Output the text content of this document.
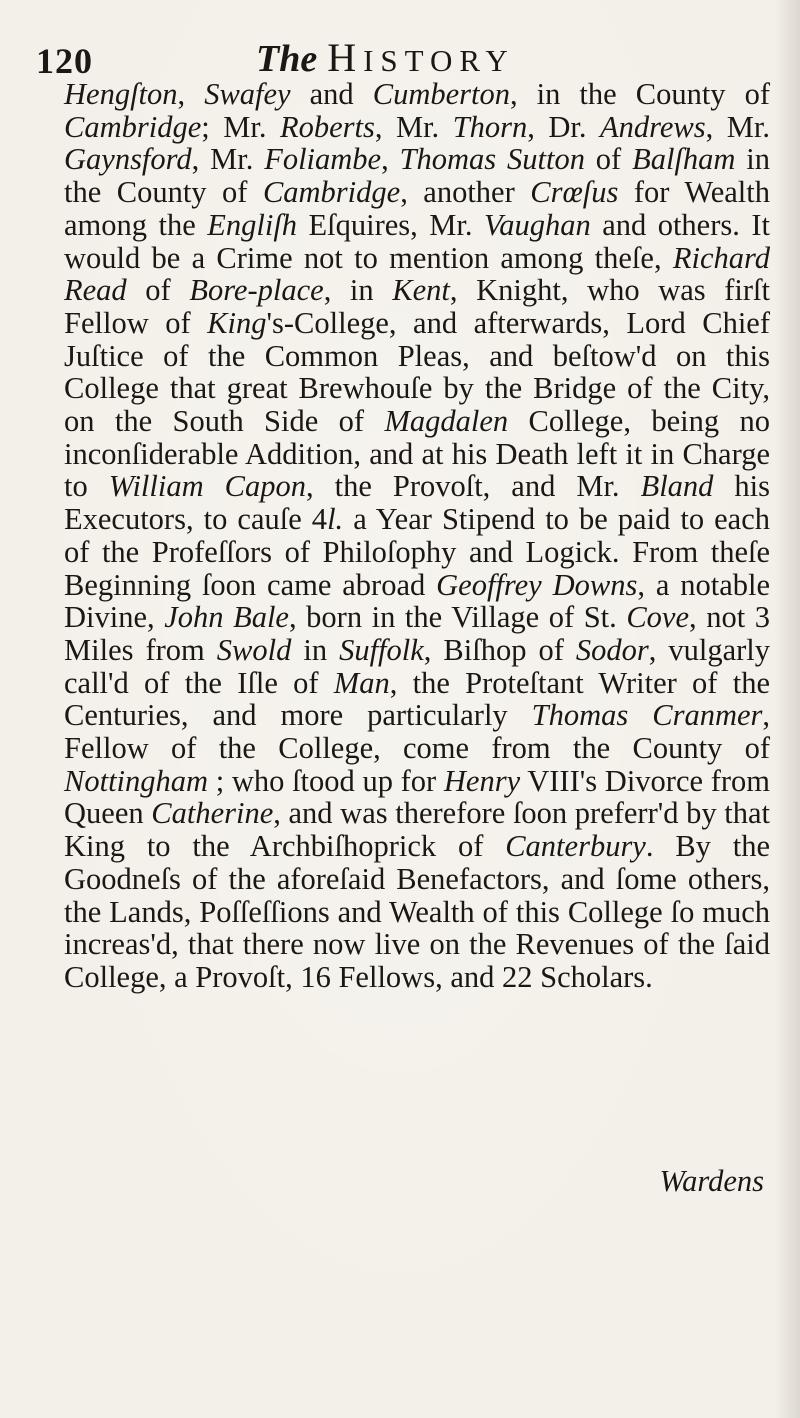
120	The HISTORY

Hengſton, Swafey and Cumberton, in the County of Cambridge; Mr. Roberts, Mr. Thorn, Dr. Andrews, Mr. Gaynsford, Mr. Foliambe, Thomas Sutton of Balſham in the County of Cambridge, another Crœſus for Wealth among the Engliſh Eſquires, Mr. Vaughan and others. It would be a Crime not to mention among theſe, Richard Read of Bore-place, in Kent, Knight, who was firſt Fellow of King's-College, and afterwards, Lord Chief Juſtice of the Common Pleas, and beſtow'd on this College that great Brewhouſe by the Bridge of the City, on the South Side of Magdalen College, being no inconſiderable Addition, and at his Death left it in Charge to William Capon, the Provoſt, and Mr. Bland his Executors, to cauſe 4l. a Year Stipend to be paid to each of the Profeſſors of Philoſophy and Logick. From theſe Beginning ſoon came abroad Geoffrey Downs, a notable Divine, John Bale, born in the Village of St. Cove, not 3 Miles from Swold in Suffolk, Biſhop of Sodor, vulgarly call'd of the Iſle of Man, the Proteſtant Writer of the Centuries, and more particularly Thomas Cranmer, Fellow of the College, come from the County of Nottingham ; who ſtood up for Henry VIII's Divorce from Queen Catherine, and was therefore ſoon preferr'd by that King to the Archbiſhoprick of Canterbury. By the Goodneſs of the aforeſaid Benefactors, and ſome others, the Lands, Poſſeſſions and Wealth of this College ſo much increas'd, that there now live on the Revenues of the ſaid College, a Provoſt, 16 Fellows, and 22 Scholars.

Wardens
